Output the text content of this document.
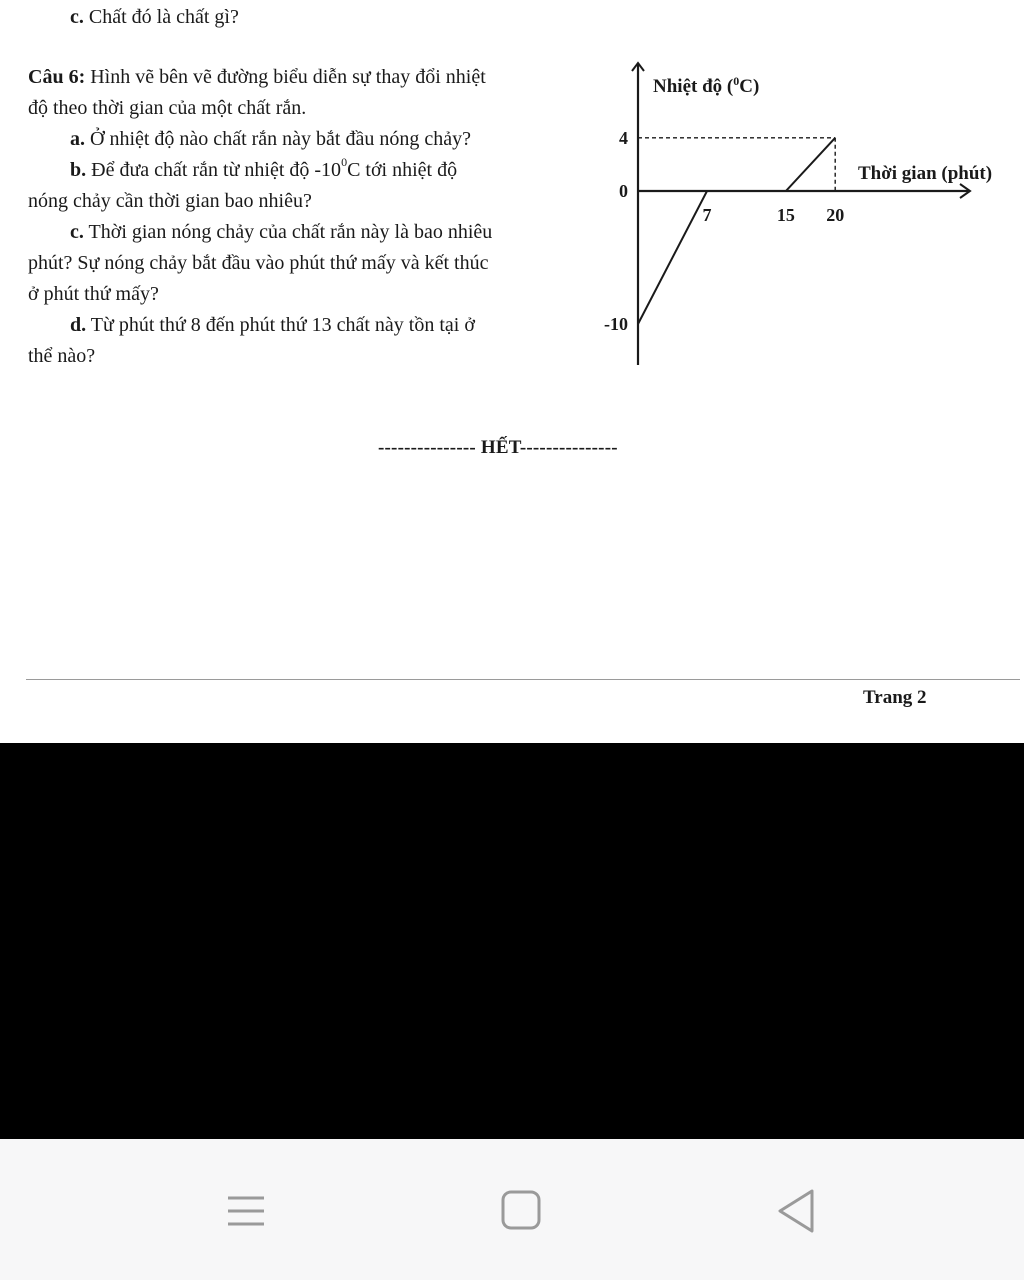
c. Chất đó là chất gì?
Câu 6: Hình vẽ bên vẽ đường biểu diễn sự thay đổi nhiệt
độ theo thời gian của một chất rắn.
a. Ở nhiệt độ nào chất rắn này bắt đầu nóng chảy?
b. Để đưa chất rắn từ nhiệt độ $-10^0C$ tới nhiệt độ
nóng chảy cần thời gian bao nhiêu?
c. Thời gian nóng chảy của chất rắn này là bao nhiêu
phút? Sự nóng chảy bắt đầu vào phút thứ mấy và kết thúc
ở phút thứ mấy?
d. Từ phút thứ 8 đến phút thứ 13 chất này tồn tại ở
thể nào?
4
0
-10
7	15 20
Nhiệt độ ($^0$C)
Thời gian (phút)
--------------- HẾT---------------
Trang 2
